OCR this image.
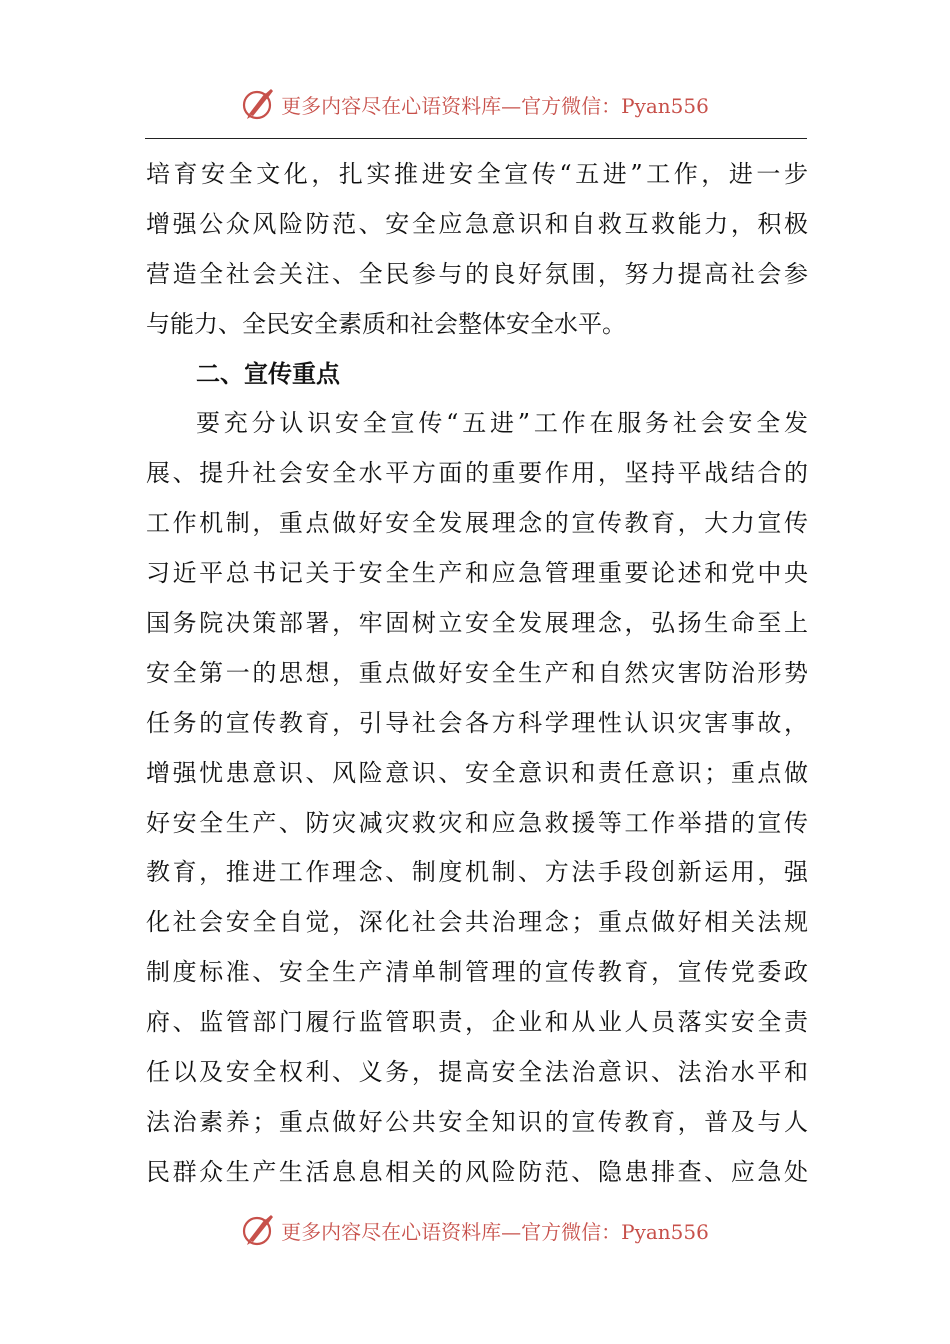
更多内容尽在心语资料库—官方微信：Pyan556
培育安全文化，扎实推进安全宣传“五进”工作，进一步
增强公众风险防范、安全应急意识和自救互救能力，积极
营造全社会关注、全民参与的良好氛围，努力提高社会参
与能力、全民安全素质和社会整体安全水平。
二、宣传重点
要充分认识安全宣传“五进”工作在服务社会安全发
展、提升社会安全水平方面的重要作用，坚持平战结合的
工作机制，重点做好安全发展理念的宣传教育，大力宣传
习近平总书记关于安全生产和应急管理重要论述和党中央
国务院决策部署，牢固树立安全发展理念，弘扬生命至上
安全第一的思想，重点做好安全生产和自然灾害防治形势
任务的宣传教育，引导社会各方科学理性认识灾害事故，
增强忧患意识、风险意识、安全意识和责任意识；重点做
好安全生产、防灾减灾救灾和应急救援等工作举措的宣传
教育，推进工作理念、制度机制、方法手段创新运用，强
化社会安全自觉，深化社会共治理念；重点做好相关法规
制度标准、安全生产清单制管理的宣传教育，宣传党委政
府、监管部门履行监管职责，企业和从业人员落实安全责
任以及安全权利、义务，提高安全法治意识、法治水平和
法治素养；重点做好公共安全知识的宣传教育，普及与人
民群众生产生活息息相关的风险防范、隐患排查、应急处
更多内容尽在心语资料库—官方微信：Pyan556
